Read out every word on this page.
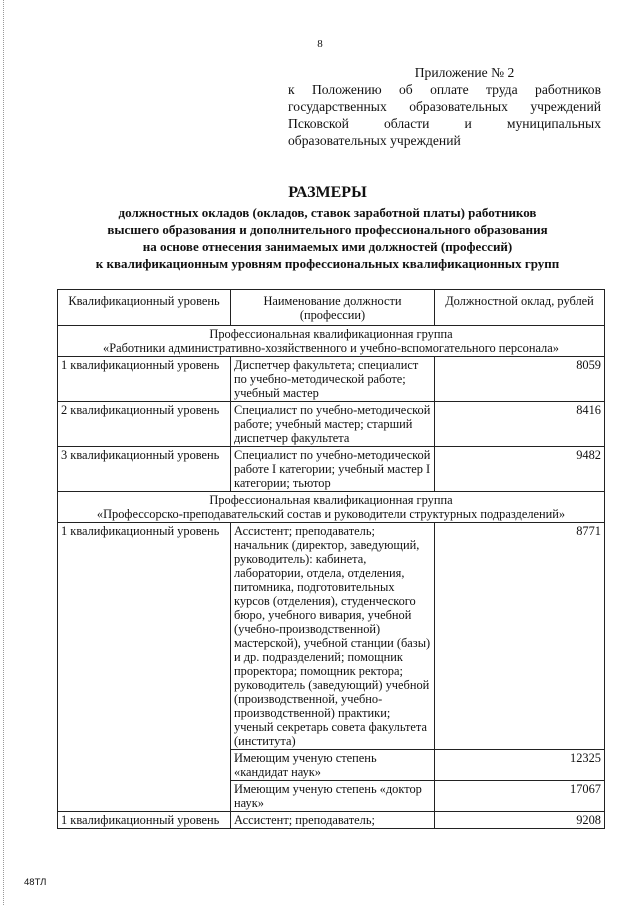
8
Приложение № 2
к Положению об оплате труда работников
государственных образовательных учреждений
Псковской области и муниципальных
образовательных учреждений
РАЗМЕРЫ
должностных окладов (окладов, ставок заработной платы) работников
высшего образования и дополнительного профессионального образования
на основе отнесения занимаемых ими должностей (профессий)
к квалификационным уровням профессиональных квалификационных групп
Квалификационный уровень	Наименование должности (профессии)	Должностной оклад, рублей

Профессиональная квалификационная группа
«Работники административно-хозяйственного и учебно-вспомогательного персонала»		

1 квалификационный уровень	Диспетчер факультета; специалист по учебно-методической работе; учебный мастер	8059
2 квалификационный уровень	Специалист по учебно-методической работе; учебный мастер; старший диспетчер факультета	8416
3 квалификационный уровень	Специалист по учебно-методической работе I категории; учебный мастер I категории; тьютор	9482

Профессиональная квалификационная группа
«Профессорско-преподавательский состав и руководители структурных подразделений»		

1 квалификационный уровень	Ассистент; преподаватель; начальник (директор, заведующий, руководитель): кабинета, лаборатории, отдела, отделения, питомника, подготовительных курсов (отделения), студенческого бюро, учебного вивария, учебной (учебно-производственной) мастерской), учебной станции (базы) и др. подразделений; помощник проректора; помощник ректора; руководитель (заведующий) учебной (производственной, учебно-производственной) практики; ученый секретарь совета факультета (института)	8771
	Имеющим ученую степень «кандидат наук»	12325
	Имеющим ученую степень «доктор наук»	17067
1 квалификационный уровень	Ассистент; преподаватель;	9208
48ТЛ
